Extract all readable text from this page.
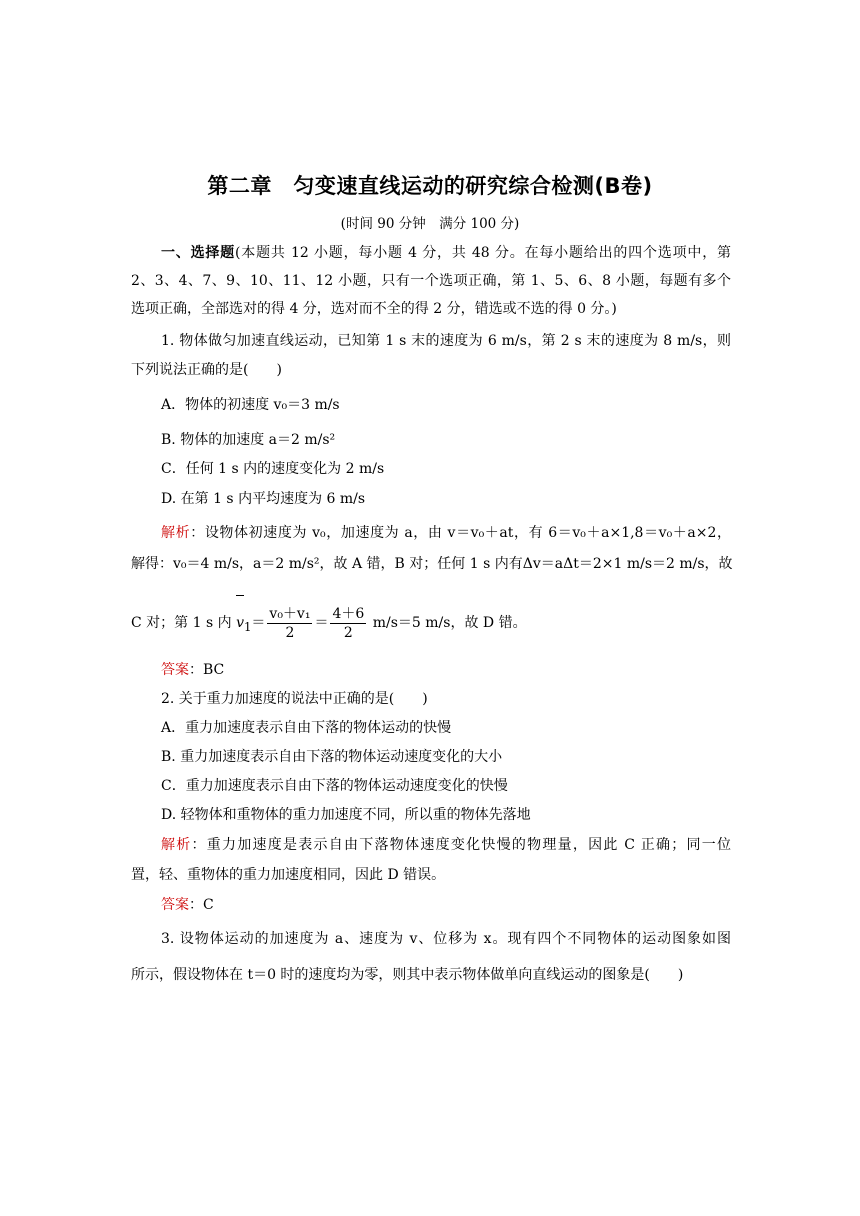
第二章　匀变速直线运动的研究综合检测(B卷)
(时间 90 分钟　满分 100 分)
一、选择题(本题共 12 小题，每小题 4 分，共 48 分。在每小题给出的四个选项中，第
2、3、4、7、9、10、11、12 小题，只有一个选项正确，第 1、5、6、8 小题，每题有多个
选项正确，全部选对的得 4 分，选对而不全的得 2 分，错选或不选的得 0 分。)
1. 物体做匀加速直线运动，已知第 1 s 末的速度为 6 m/s，第 2 s 末的速度为 8 m/s，则
下列说法正确的是(　　)
A．物体的初速度 v₀＝3 m/s
B. 物体的加速度 a＝2 m/s²
C．任何 1 s 内的速度变化为 2 m/s
D. 在第 1 s 内平均速度为 6 m/s
解析：设物体初速度为 v₀，加速度为 a，由 v＝v₀＋at，有 6＝v₀＋a×1,8＝v₀＋a×2，
解得：v₀＝4 m/s，a＝2 m/s²，故 A 错，B 对；任何 1 s 内有Δv＝aΔt＝2×1 m/s＝2 m/s，故
C 对；第 1 s 内 $v_1= \frac{\text{v₀＋v₁}}{2} = \frac{4+6}{2} m/s=5$ m/s，故 D 错。
答案：BC
2. 关于重力加速度的说法中正确的是(　　)
A．重力加速度表示自由下落的物体运动的快慢
B. 重力加速度表示自由下落的物体运动速度变化的大小
C．重力加速度表示自由下落的物体运动速度变化的快慢
D. 轻物体和重物体的重力加速度不同，所以重的物体先落地
解析：重力加速度是表示自由下落物体速度变化快慢的物理量，因此 C 正确；同一位
置，轻、重物体的重力加速度相同，因此 D 错误。
答案：C
3. 设物体运动的加速度为 a、速度为 v、位移为 x。现有四个不同物体的运动图象如图
所示，假设物体在 t＝0 时的速度均为零，则其中表示物体做单向直线运动的图象是(　　)
